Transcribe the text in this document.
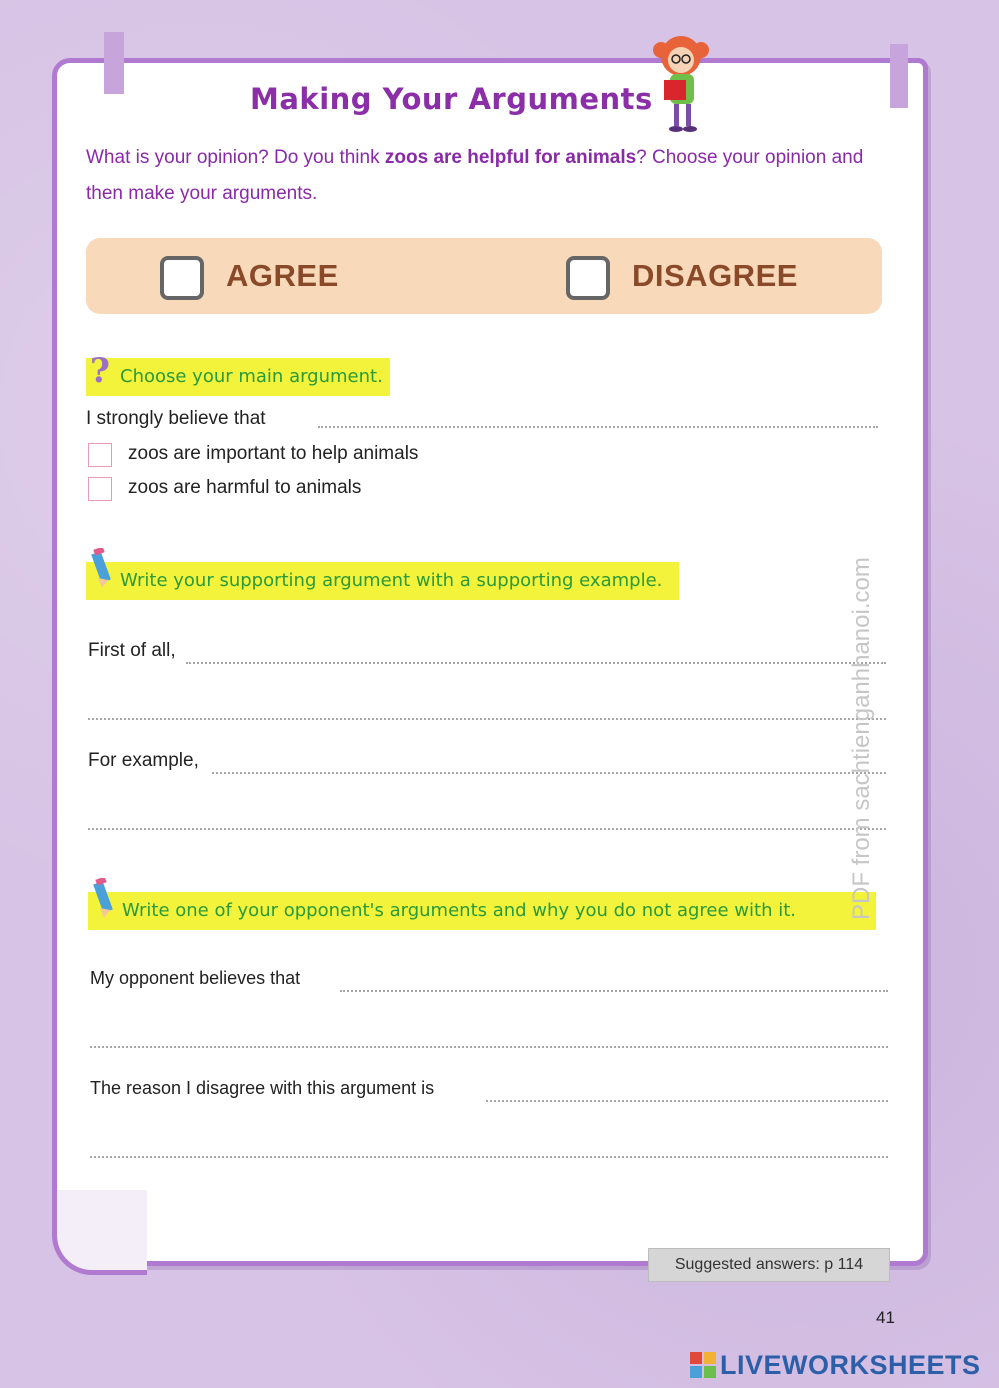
Making Your Arguments
What is your opinion? Do you think zoos are helpful for animals? Choose your opinion and then make your arguments.
AGREE	DISAGREE
? Choose your main argument.
I strongly believe that
zoos are important to help animals
zoos are harmful to animals
Write your supporting argument with a supporting example.
First of all,
For example,
Write one of your opponent's arguments and why you do not agree with it.
My opponent believes that
The reason I disagree with this argument is
Suggested answers: p 114
41
PDF from sachtienganhhanoi.com
LIVEWORKSHEETS
